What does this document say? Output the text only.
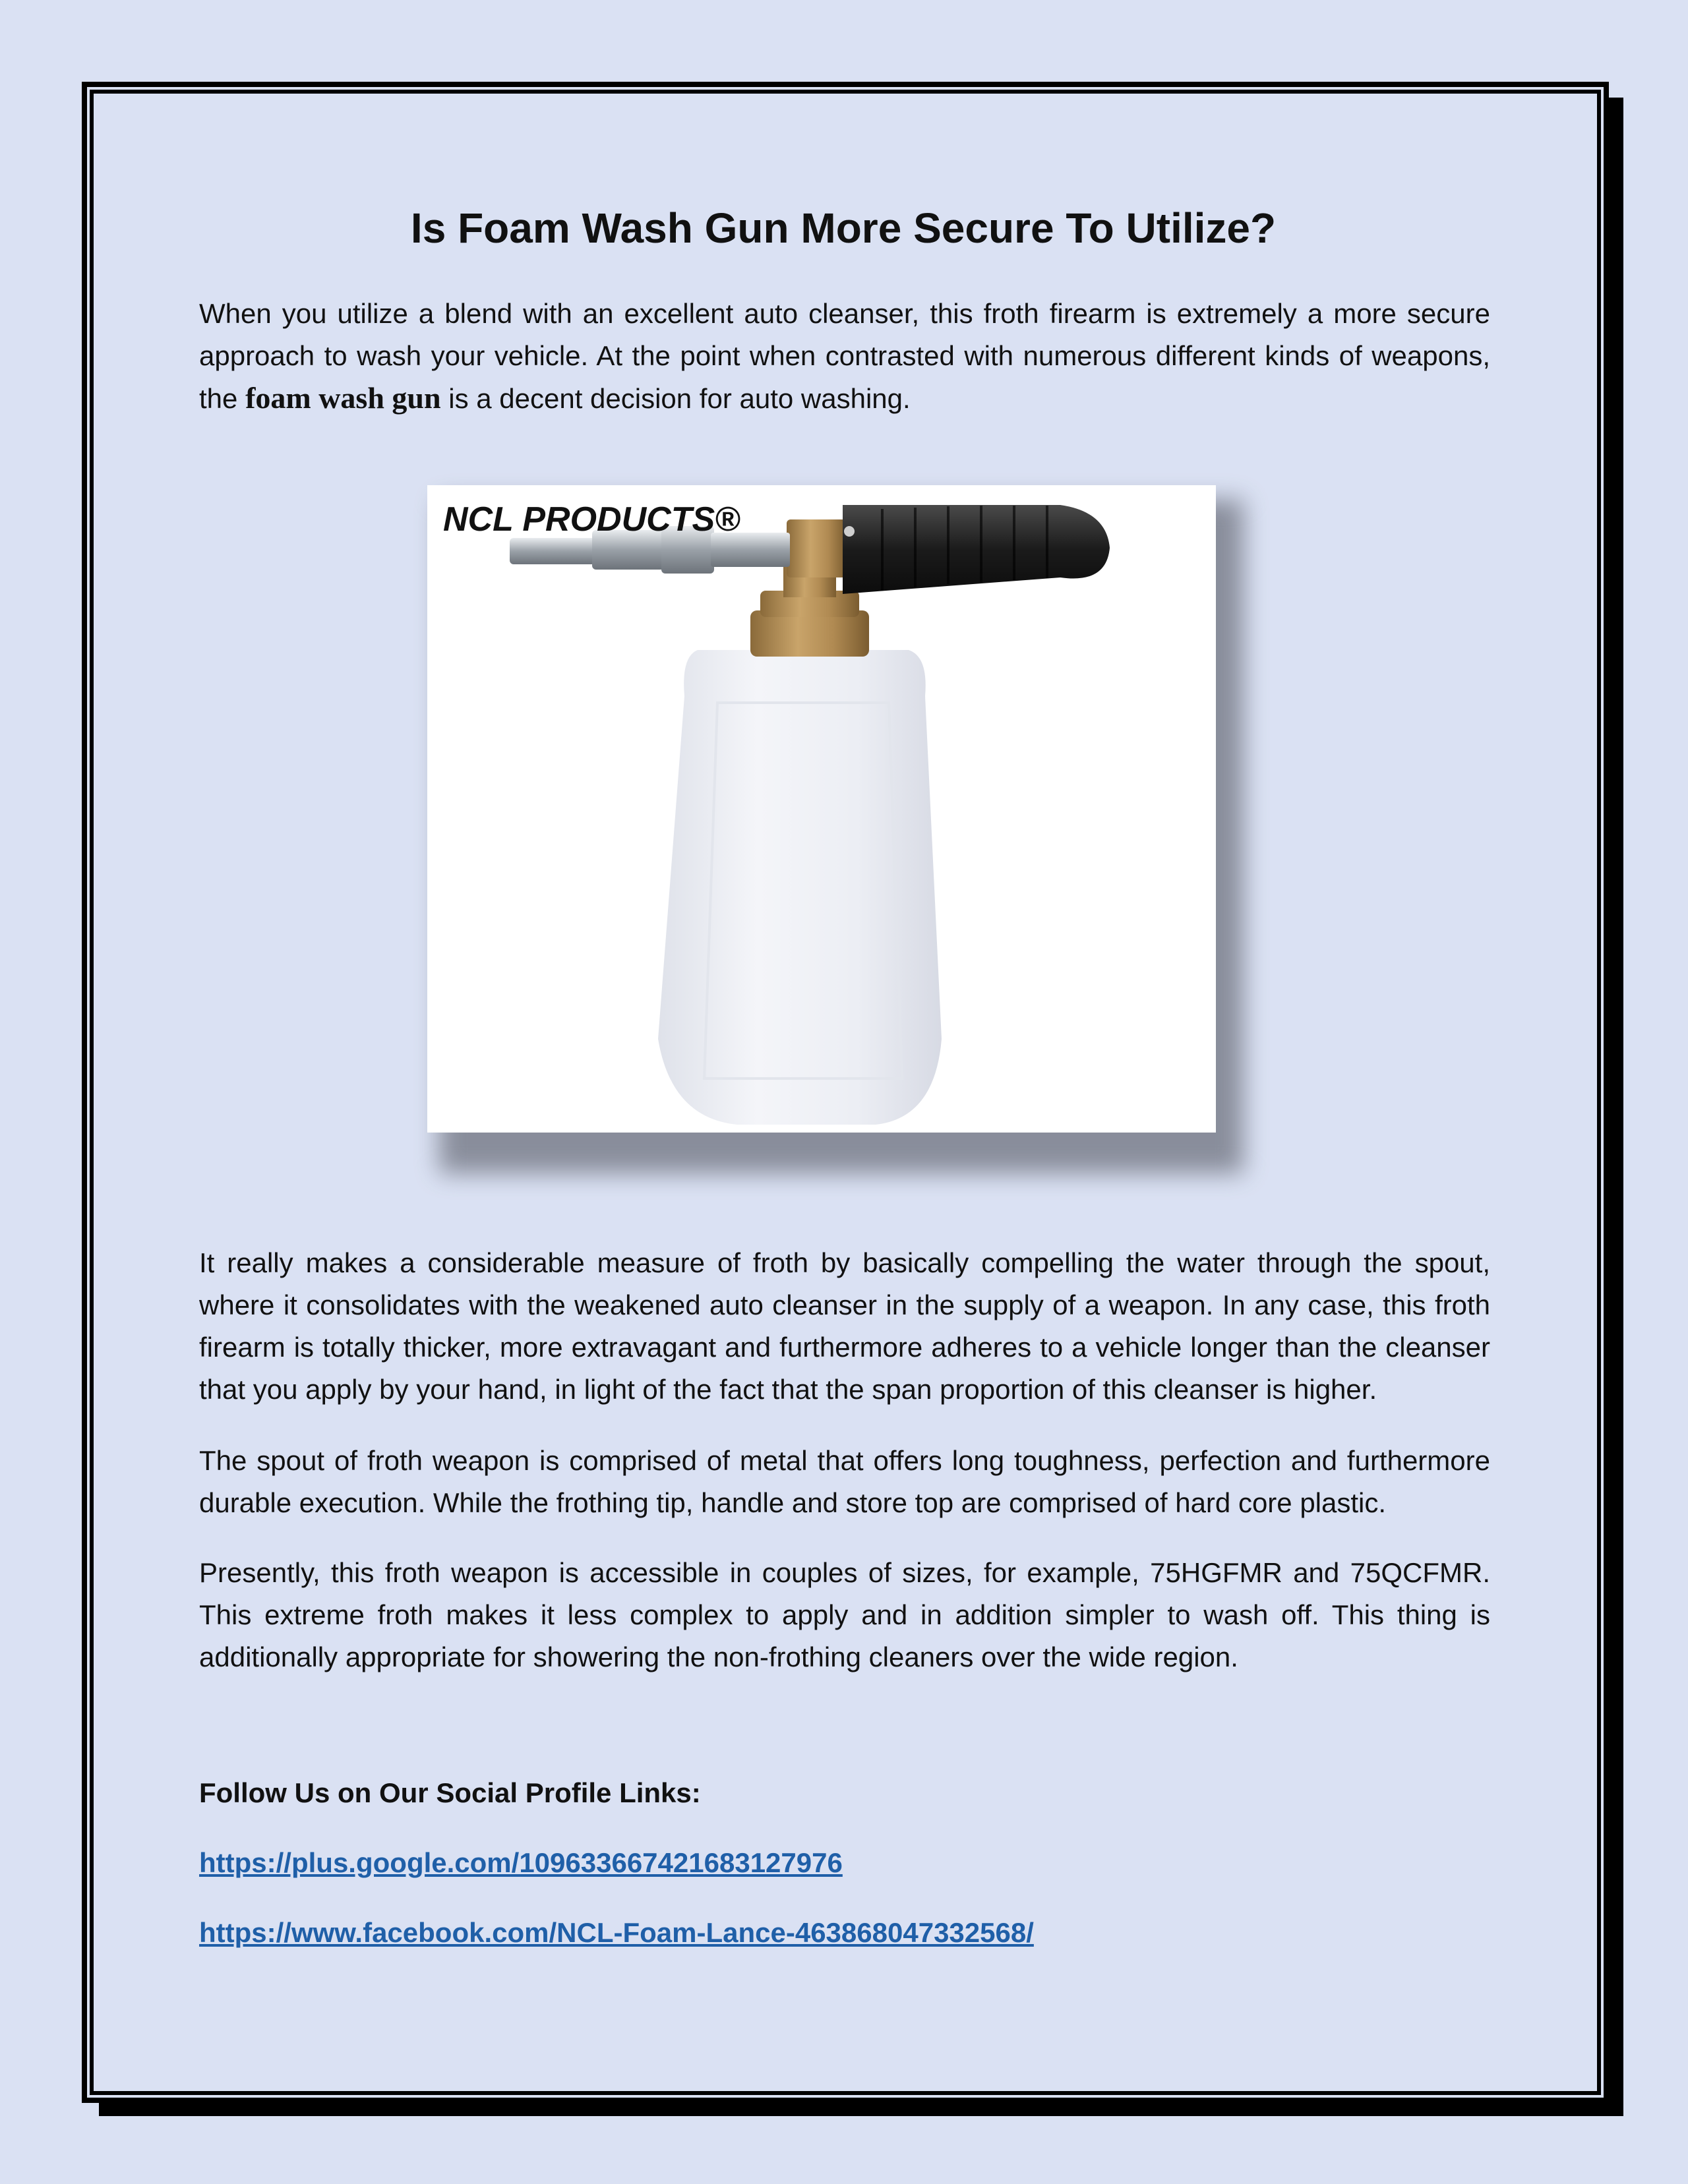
Is Foam Wash Gun More Secure To Utilize?

When you utilize a blend with an excellent auto cleanser, this froth firearm is extremely a more secure approach to wash your vehicle. At the point when contrasted with numerous different kinds of weapons, the foam wash gun is a decent decision for auto washing.

NCL PRODUCTS®

It really makes a considerable measure of froth by basically compelling the water through the spout, where it consolidates with the weakened auto cleanser in the supply of a weapon. In any case, this froth firearm is totally thicker, more extravagant and furthermore adheres to a vehicle longer than the cleanser that you apply by your hand, in light of the fact that the span proportion of this cleanser is higher.

The spout of froth weapon is comprised of metal that offers long toughness, perfection and furthermore durable execution. While the frothing tip, handle and store top are comprised of hard core plastic.

Presently, this froth weapon is accessible in couples of sizes, for example, 75HGFMR and 75QCFMR. This extreme froth makes it less complex to apply and in addition simpler to wash off. This thing is additionally appropriate for showering the non-frothing cleaners over the wide region.

Follow Us on Our Social Profile Links:

https://plus.google.com/109633667421683127976
https://www.facebook.com/NCL-Foam-Lance-463868047332568/
